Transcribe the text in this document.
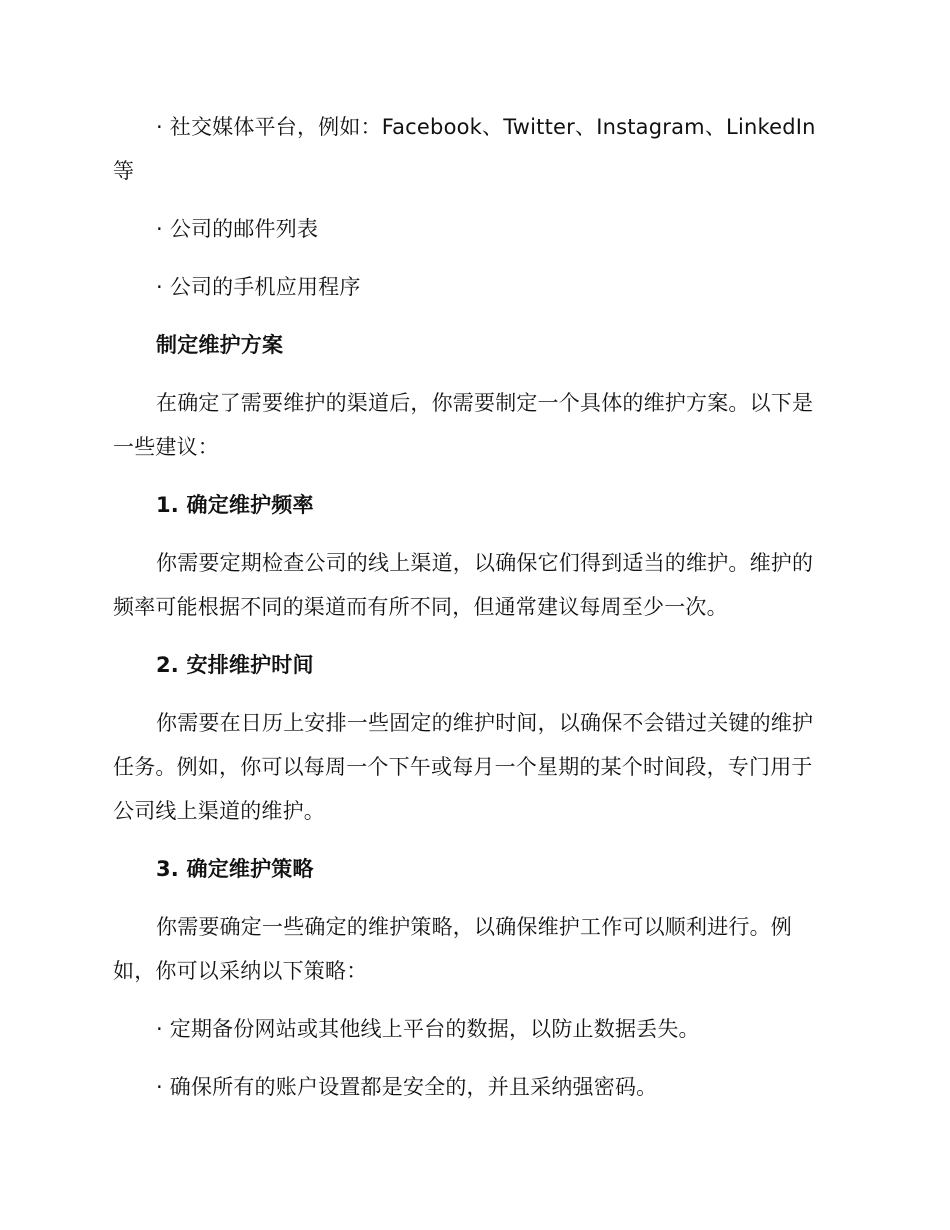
· 社交媒体平台，例如：Facebook、Twitter、Instagram、LinkedIn等

· 公司的邮件列表

· 公司的手机应用程序

制定维护方案

在确定了需要维护的渠道后，你需要制定一个具体的维护方案。以下是一些建议：

1. 确定维护频率

你需要定期检查公司的线上渠道，以确保它们得到适当的维护。维护的频率可能根据不同的渠道而有所不同，但通常建议每周至少一次。

2. 安排维护时间

你需要在日历上安排一些固定的维护时间，以确保不会错过关键的维护任务。例如，你可以每周一个下午或每月一个星期的某个时间段，专门用于公司线上渠道的维护。

3. 确定维护策略

你需要确定一些确定的维护策略，以确保维护工作可以顺利进行。例如，你可以采纳以下策略：

· 定期备份网站或其他线上平台的数据，以防止数据丢失。

· 确保所有的账户设置都是安全的，并且采纳强密码。
